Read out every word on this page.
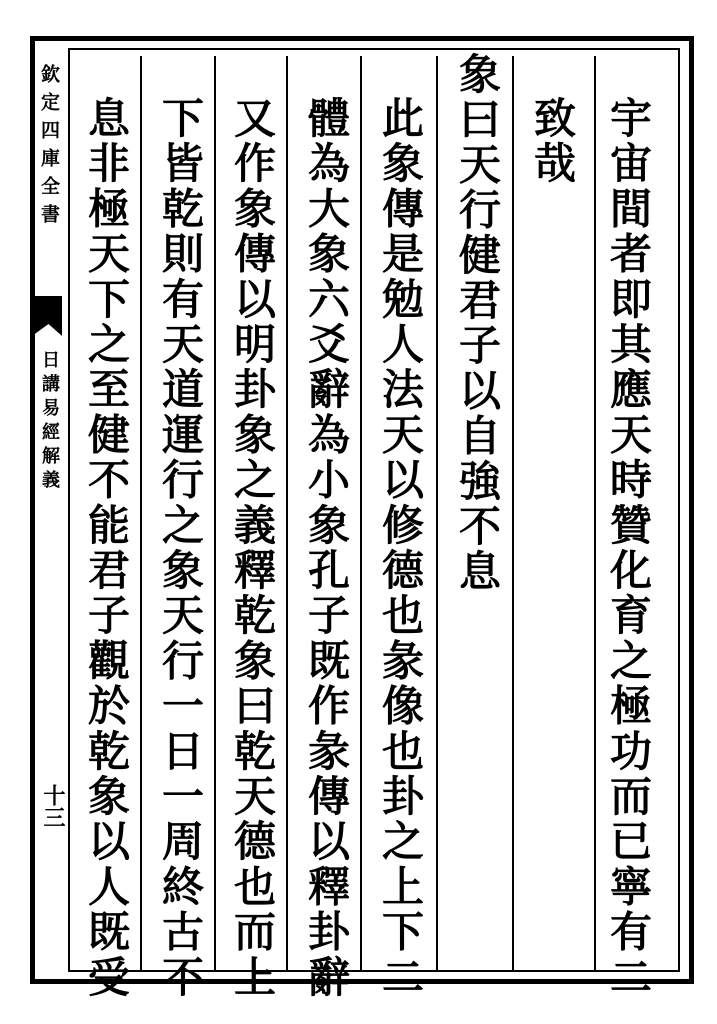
欽定四庫全書
日講易經解義
十三	宇宙間者即其應天時贊化育之極功而已寧有二
致哉
象曰天行健君子以自強不息
此象傳是勉人法天以修德也彖像也卦之上下二
體為大象六爻辭為小象孔子既作彖傳以釋卦辭
又作象傳以明卦象之義釋乾象曰乾天德也而上
下皆乾則有天道運行之象天行一日一周終古不
息非極天下之至健不能君子觀於乾象以人既受
